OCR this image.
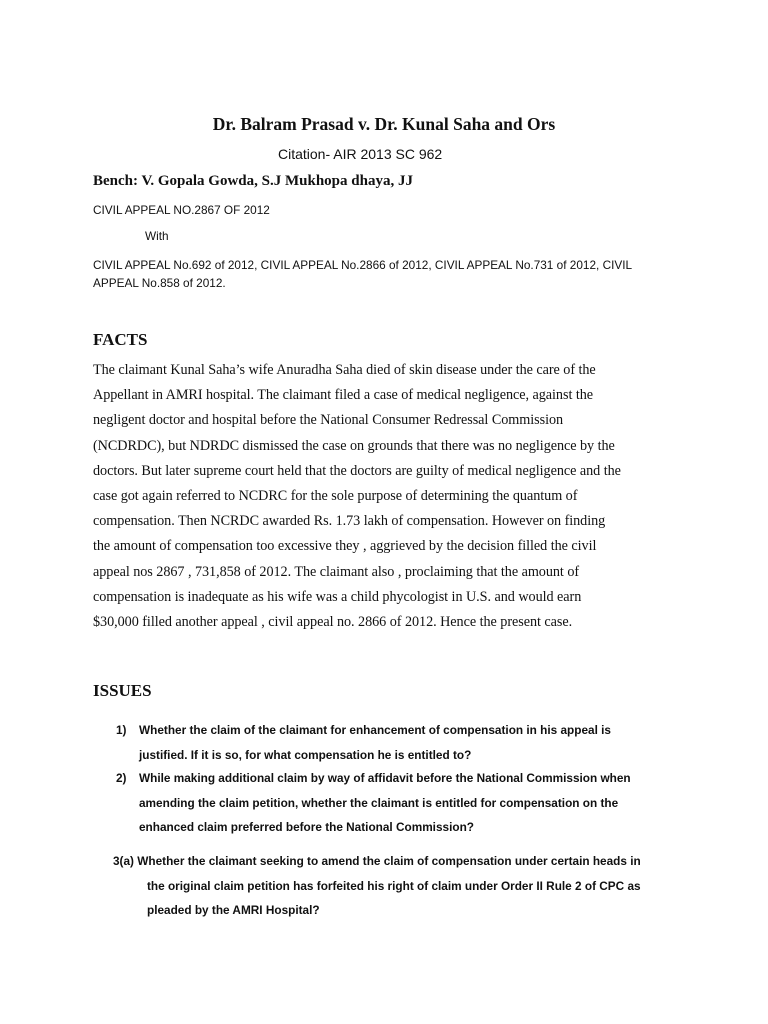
Dr. Balram Prasad v. Dr. Kunal Saha and Ors
Citation- AIR 2013 SC 962
Bench: V. Gopala Gowda, S.J Mukhopa dhaya, JJ
CIVIL APPEAL NO.2867 OF 2012
With
CIVIL APPEAL No.692 of 2012, CIVIL APPEAL No.2866 of 2012, CIVIL APPEAL No.731 of 2012, CIVIL
APPEAL No.858 of 2012.
FACTS
The claimant Kunal Saha’s wife Anuradha Saha died of skin disease under the care of the
Appellant in AMRI hospital. The claimant filed a case of medical negligence, against the
negligent doctor and hospital before the National Consumer Redressal Commission
(NCDRDC), but NDRDC dismissed the case on grounds that there was no negligence by the
doctors. But later supreme court held that the doctors are guilty of medical negligence and the
case got again referred to NCDRC for the sole purpose of determining the quantum of
compensation. Then NCRDC awarded Rs. 1.73 lakh of compensation. However on finding
the amount of compensation too excessive they , aggrieved by the decision filled the civil
appeal nos 2867 , 731,858 of 2012. The claimant also , proclaiming that the amount of
compensation is inadequate as his wife was a child phycologist in U.S. and would earn
$30,000 filled another appeal , civil appeal no. 2866 of 2012. Hence the present case.
ISSUES
1) Whether the claim of the claimant for enhancement of compensation in his appeal is
justified. If it is so, for what compensation he is entitled to?
2) While making additional claim by way of affidavit before the National Commission when
amending the claim petition, whether the claimant is entitled for compensation on the
enhanced claim preferred before the National Commission?
3(a) Whether the claimant seeking to amend the claim of compensation under certain heads in
the original claim petition has forfeited his right of claim under Order II Rule 2 of CPC as
pleaded by the AMRI Hospital?
